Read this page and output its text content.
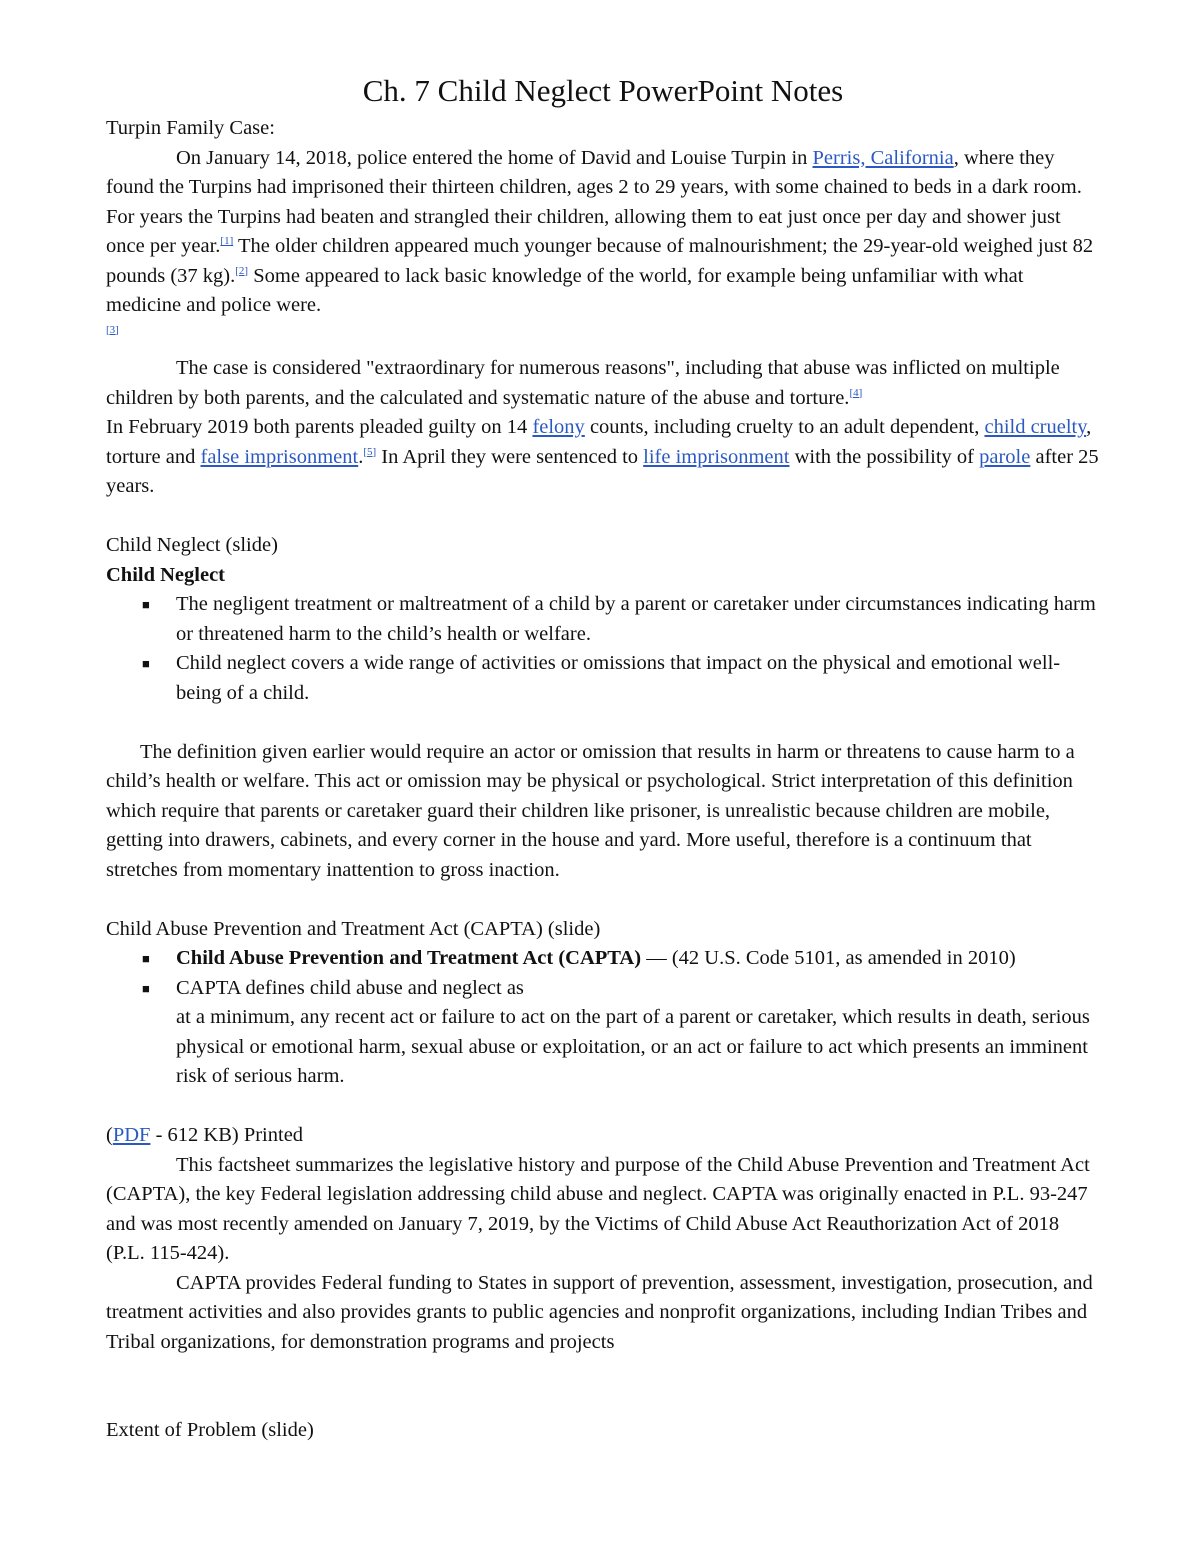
Ch. 7 Child Neglect PowerPoint Notes

Turpin Family Case:

On January 14, 2018, police entered the home of David and Louise Turpin in Perris, California, where they found the Turpins had imprisoned their thirteen children, ages 2 to 29 years, with some chained to beds in a dark room. For years the Turpins had beaten and strangled their children, allowing them to eat just once per day and shower just once per year.[1] The older children appeared much younger because of malnourishment; the 29-year-old weighed just 82 pounds (37 kg).[2] Some appeared to lack basic knowledge of the world, for example being unfamiliar with what medicine and police were.
[3]

The case is considered "extraordinary for numerous reasons", including that abuse was inflicted on multiple children by both parents, and the calculated and systematic nature of the abuse and torture.[4]
In February 2019 both parents pleaded guilty on 14 felony counts, including cruelty to an adult dependent, child cruelty, torture and false imprisonment.[5] In April they were sentenced to life imprisonment with the possibility of parole after 25 years.

Child Neglect (slide)

Child Neglect

■ The negligent treatment or maltreatment of a child by a parent or caretaker under circumstances indicating harm or threatened harm to the child’s health or welfare.
■ Child neglect covers a wide range of activities or omissions that impact on the physical and emotional well-being of a child.

The definition given earlier would require an actor or omission that results in harm or threatens to cause harm to a child’s health or welfare. This act or omission may be physical or psychological. Strict interpretation of this definition which require that parents or caretaker guard their children like prisoner, is unrealistic because children are mobile, getting into drawers, cabinets, and every corner in the house and yard. More useful, therefore is a continuum that stretches from momentary inattention to gross inaction.

Child Abuse Prevention and Treatment Act (CAPTA) (slide)

■ Child Abuse Prevention and Treatment Act (CAPTA) — (42 U.S. Code 5101, as amended in 2010)
■ CAPTA defines child abuse and neglect as
at a minimum, any recent act or failure to act on the part of a parent or caretaker, which results in death, serious physical or emotional harm, sexual abuse or exploitation, or an act or failure to act which presents an imminent risk of serious harm.

(PDF - 612 KB) Printed

This factsheet summarizes the legislative history and purpose of the Child Abuse Prevention and Treatment Act (CAPTA), the key Federal legislation addressing child abuse and neglect. CAPTA was originally enacted in P.L. 93-247 and was most recently amended on January 7, 2019, by the Victims of Child Abuse Act Reauthorization Act of 2018 (P.L. 115-424).

CAPTA provides Federal funding to States in support of prevention, assessment, investigation, prosecution, and treatment activities and also provides grants to public agencies and nonprofit organizations, including Indian Tribes and Tribal organizations, for demonstration programs and projects

Extent of Problem (slide)
